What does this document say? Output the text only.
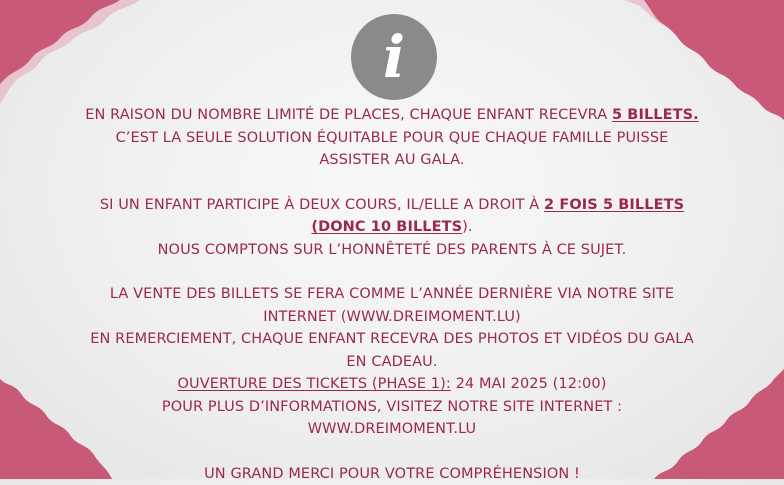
i

EN RAISON DU NOMBRE LIMITÉ DE PLACES, CHAQUE ENFANT RECEVRA 5 BILLETS.

C’EST LA SEULE SOLUTION ÉQUITABLE POUR QUE CHAQUE FAMILLE PUISSE

ASSISTER AU GALA.

SI UN ENFANT PARTICIPE À DEUX COURS, IL/ELLE A DROIT À 2 FOIS 5 BILLETS

(DONC 10 BILLETS).

NOUS COMPTONS SUR L’HONNÊTETÉ DES PARENTS À CE SUJET.

LA VENTE DES BILLETS SE FERA COMME L’ANNÉE DERNIÈRE VIA NOTRE SITE

INTERNET (WWW.DREIMOMENT.LU)

EN REMERCIEMENT, CHAQUE ENFANT RECEVRA DES PHOTOS ET VIDÉOS DU GALA

EN CADEAU.

OUVERTURE DES TICKETS (PHASE 1): 24 MAI 2025 (12:00)

POUR PLUS D’INFORMATIONS, VISITEZ NOTRE SITE INTERNET :

WWW.DREIMOMENT.LU

UN GRAND MERCI POUR VOTRE COMPRÉHENSION !
